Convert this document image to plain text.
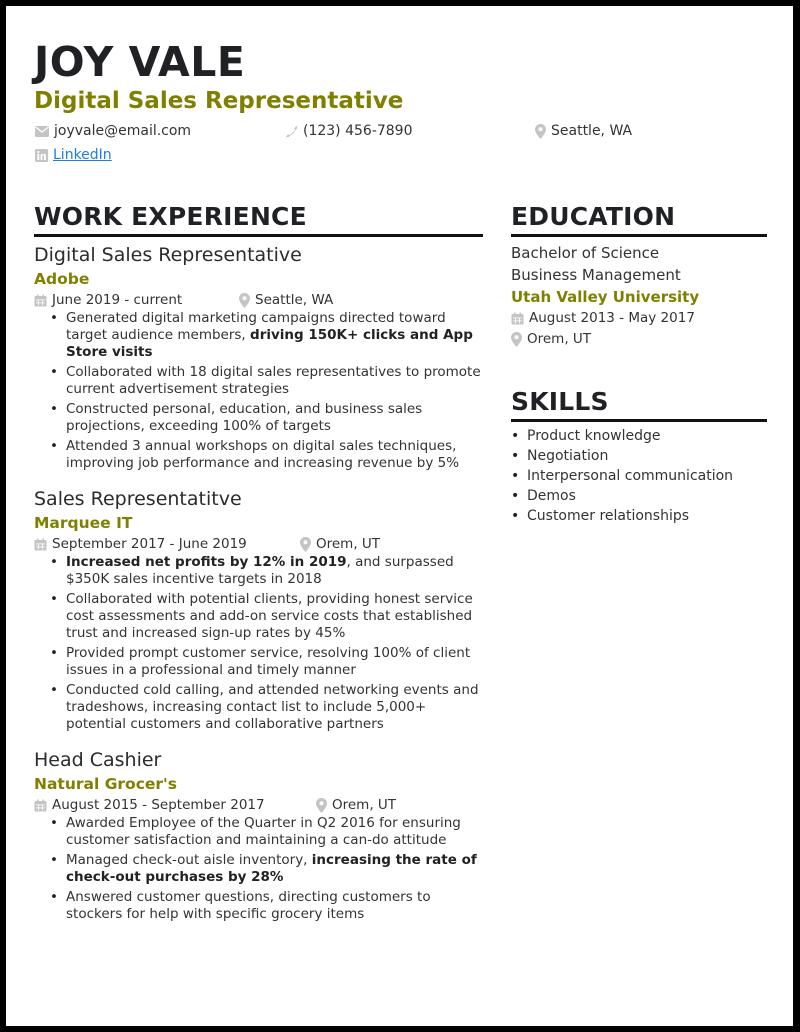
JOY VALE
Digital Sales Representative
joyvale@email.com	(123) 456-7890	Seattle, WA
LinkedIn
WORK EXPERIENCE
Digital Sales Representative
Adobe
June 2019 - current	Seattle, WA
• Generated digital marketing campaigns directed toward target audience members, driving 150K+ clicks and App Store visits
• Collaborated with 18 digital sales representatives to promote current advertisement strategies
• Constructed personal, education, and business sales projections, exceeding 100% of targets
• Attended 3 annual workshops on digital sales techniques, improving job performance and increasing revenue by 5%
Sales Representatitve
Marquee IT
September 2017 - June 2019	Orem, UT
• Increased net profits by 12% in 2019, and surpassed $350K sales incentive targets in 2018
• Collaborated with potential clients, providing honest service cost assessments and add-on service costs that established trust and increased sign-up rates by 45%
• Provided prompt customer service, resolving 100% of client issues in a professional and timely manner
• Conducted cold calling, and attended networking events and tradeshows, increasing contact list to include 5,000+ potential customers and collaborative partners
Head Cashier
Natural Grocer's
August 2015 - September 2017	Orem, UT
• Awarded Employee of the Quarter in Q2 2016 for ensuring customer satisfaction and maintaining a can-do attitude
• Managed check-out aisle inventory, increasing the rate of check-out purchases by 28%
• Answered customer questions, directing customers to stockers for help with specific grocery items
EDUCATION
Bachelor of Science
Business Management
Utah Valley University
August 2013 - May 2017
Orem, UT
SKILLS
• Product knowledge
• Negotiation
• Interpersonal communication
• Demos
• Customer relationships
